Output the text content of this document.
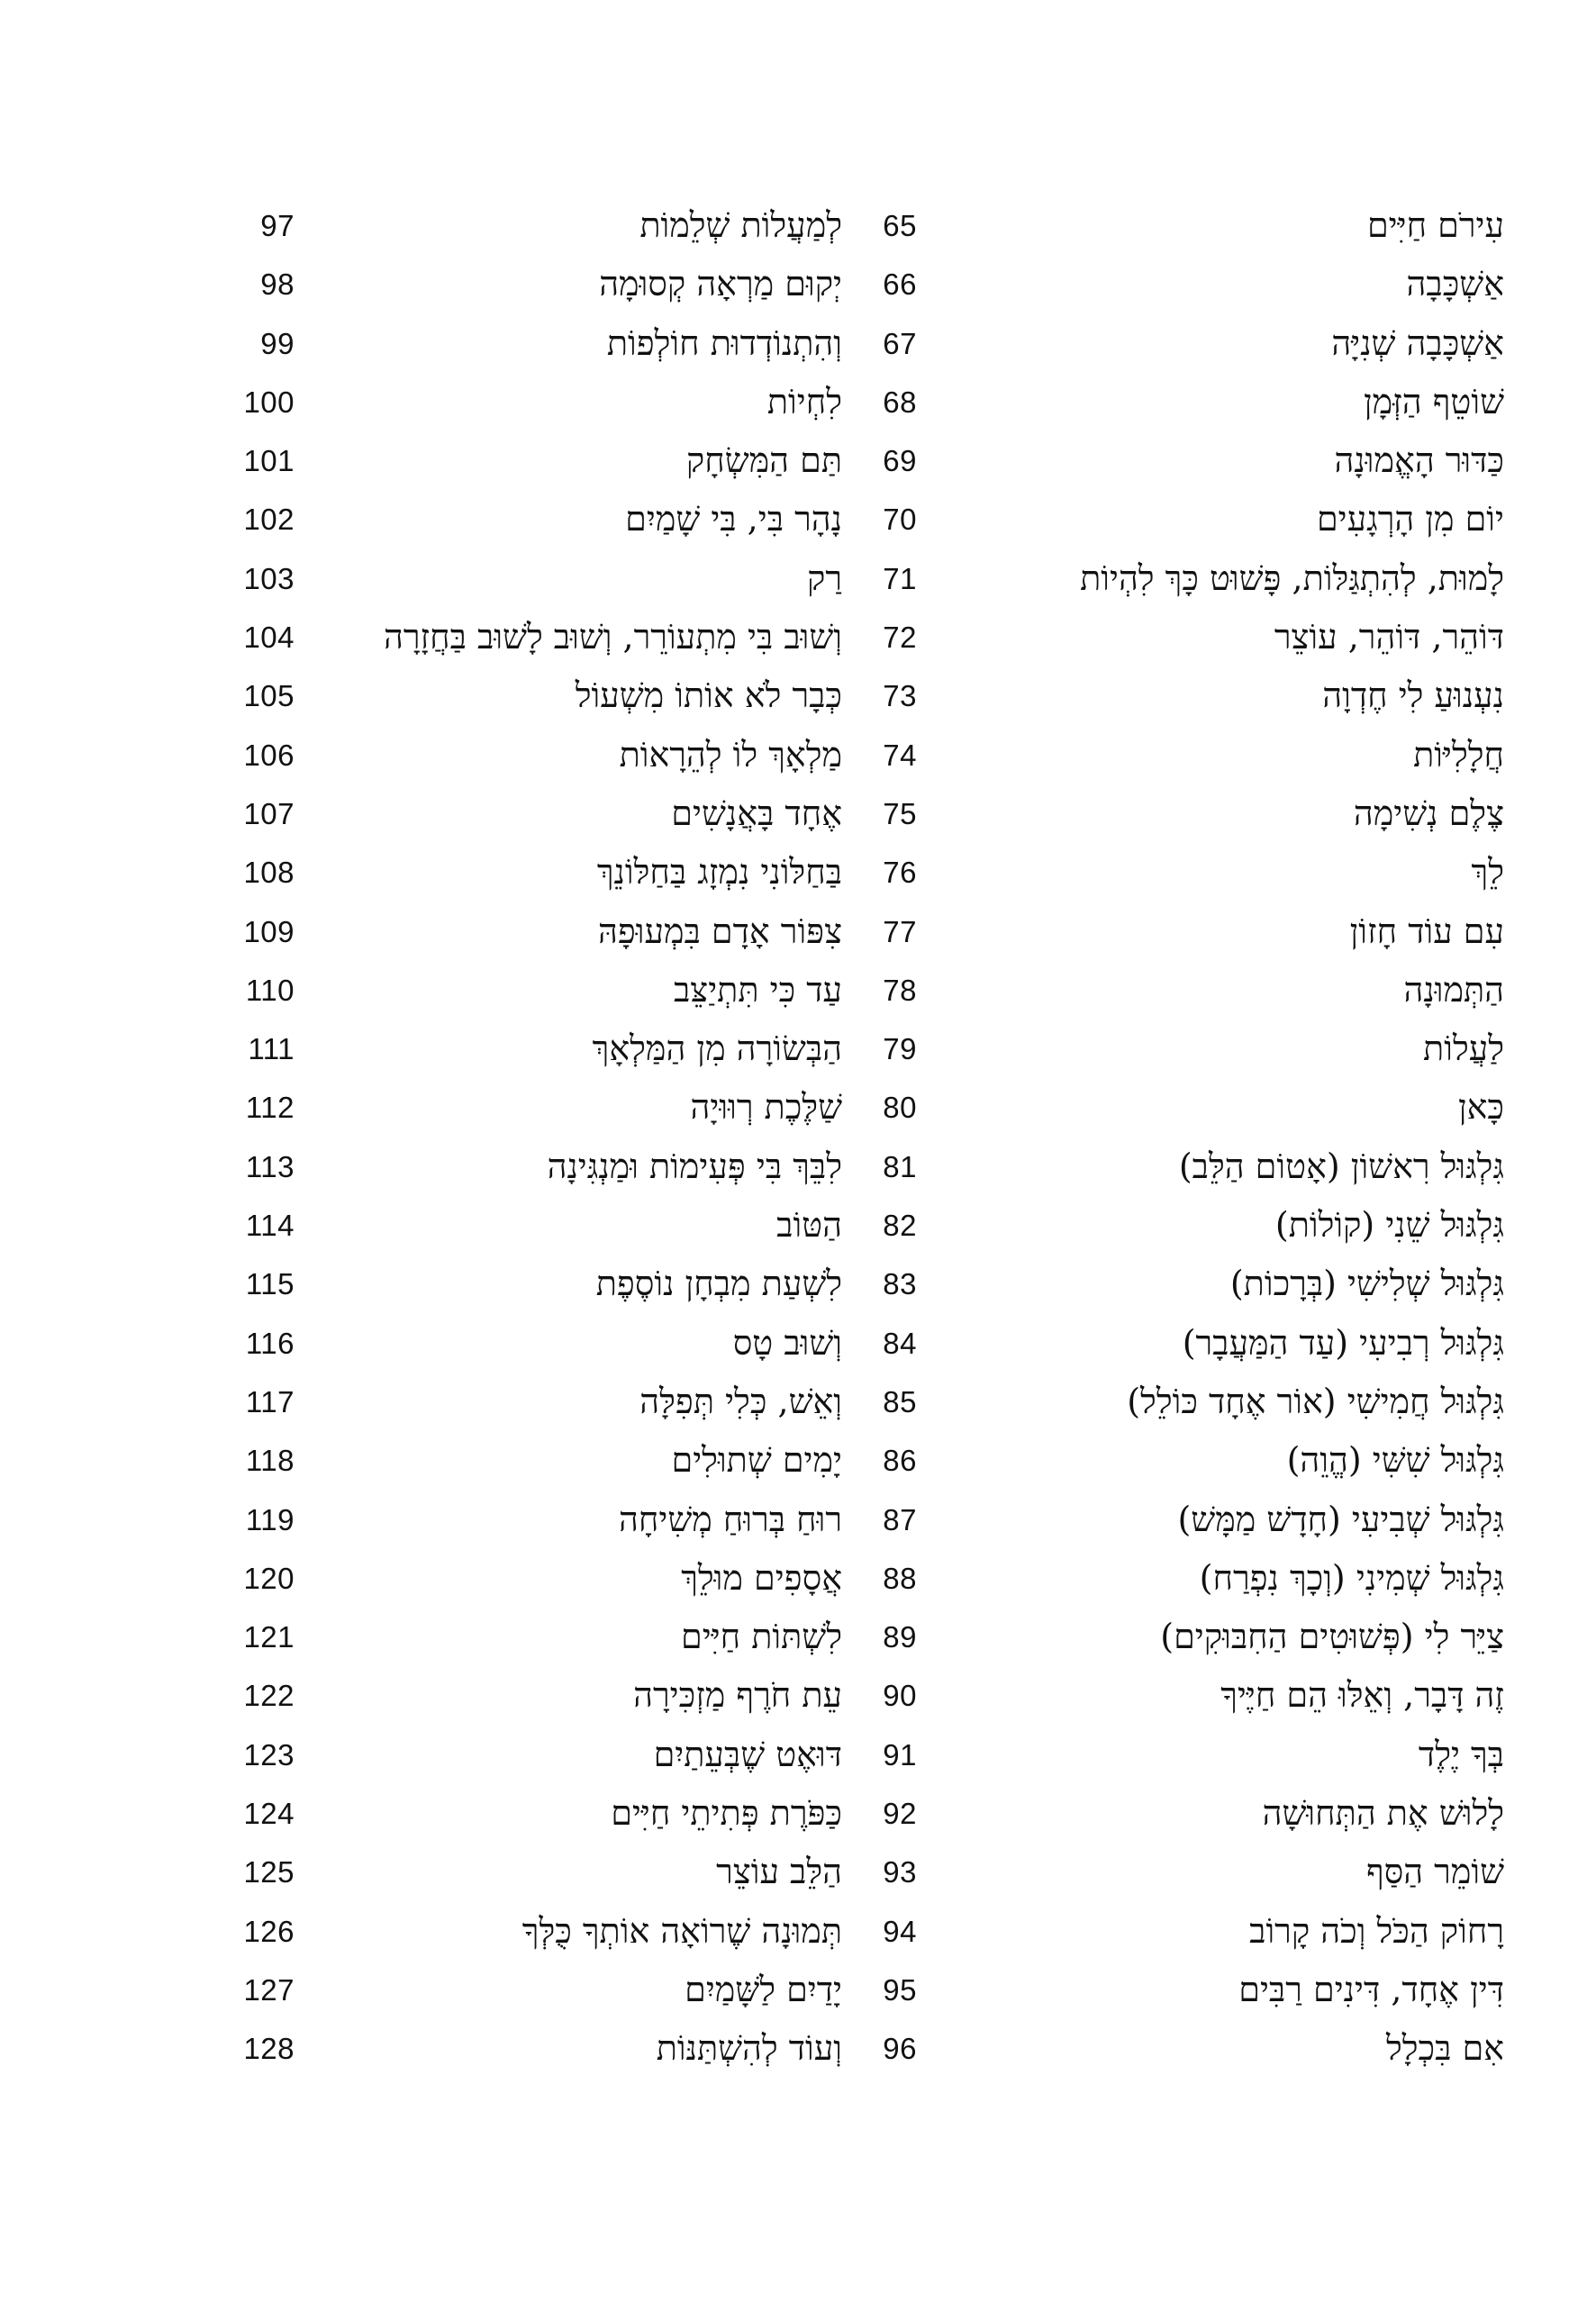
לְמַעֲלוֹת שְׁלֵמוֹת
97
יְקוּם מַרְאָה קְסוּמָה
98
וְהִתְנוֹדְדוּת חוֹלְפוֹת
99
לִחְיוֹת
100
תַּם הַמִּשְׂחָק
101
נָהָר בִּי, בִּי שָׁמַיִם
102
רַק
103
וְשׁוּב בִּי מִתְעוֹרֵר, וְשׁוּב לָשׁוּב בַּחֲזָרָה
104
כְּבָר לֹא אוֹתוֹ מִשְׁעוֹל
105
מַלְאָךְ לוֹ לְהֵרָאוֹת
106
אֶחָד בָּאֲנָשִׁים
107
בַּחַלּוֹנִי נִמְזָג בַּחַלּוֹנֵךְ
108
צִפּוֹר אָדָם בִּמְעוּפָהּ
109
עַד כִּי תִּתְיַצֵּב
110
הַבְּשׂוֹרָה מִן הַמַּלְאָךְ
111
שַׁלֶּכֶת רְוּוּיָה
112
לִבֵּךְ בִּי פְּעִימוֹת וּמַנְגִּינָה
113
הַטּוֹב
114
לִשְׁעַת מִבְחָן נוֹסֶפֶת
115
וְשׁוּב טָס
116
וְאֵשׁ, כְּלִי תְּפִלָּה
117
יָמִים שְׁתוּלִים
118
רוּחַ בְּרוּחַ מְשִׁיחָה
119
אֲסָפִים מוּלֵךְ
120
לִשְׁתּוֹת חַיִּים
121
עֵת חֹרֶף מַזְכִּירָה
122
דּוּאֶט שֶׁבְּעֵתַיִם
123
כַּפֹּרֶת פְּתִיתֵי חַיִּים
124
הַלֵּב עוֹצֵר
125
תְּמוּנָה שֶׁרוֹאָה אוֹתְךָ כֻּלְּךָ
126
יָדַיִם לַשָּׁמַיִם
127
וְעוֹד לְהִשְׁתַּנּוֹת
128
עִירֹם חַיִּים
65
אַשְׁכָּבָה
66
אַשְׁכָּבָה שְׁנִיָּה
67
שׁוֹטֵף הַזְּמָן
68
כַּדּוּר הָאֱמוּנָה
69
יוֹם מִן הָרְגָעִים
70
לָמוּת, לְהִתְגַּלּוֹת, פָּשׁוּט כָּךְ לִהְיוֹת
71
דּוֹהֵר, דּוֹהֵר, עוֹצֵר
72
נִעְנוּעַ לִי חֶדְוָה
73
חֲלָלִיּוֹת
74
צֶלֶם נְשִׁימָה
75
לֵךְ
76
עִם עוֹד חָזוֹן
77
הַתְּמוּנָה
78
לַעֲלוֹת
79
כָּאן
80
גִּלְגּוּל רִאשׁוֹן (אָטוֹם הַלֵּב)
81
גִּלְגּוּל שֵׁנִי (קוֹלוֹת)
82
גִּלְגּוּל שְׁלִישִׁי (בְּרָכוֹת)
83
גִּלְגּוּל רְבִיעִי (עַד הַמַּעֲבָר)
84
גִּלְגּוּל חֲמִישִׁי (אוֹר אֶחָד כּוֹלֵל)
85
גִּלְגּוּל שִׁשִּׁי (הֱוֵה)
86
גִּלְגּוּל שְׁבִיעִי (חָדָשׁ מַמָּשׁ)
87
גִּלְגּוּל שְׁמִינִי (וְכָךְ נִפְרַח)
88
צַיֵּר לִי (פְּשׁוּטִים הַחִבּוּקִים)
89
זֶה דָּבָר, וְאֵלּוּ הֵם חַיֶּיךָ
90
בְּךָ יֶלֶד
91
לָלוּשׁ אֶת הַתְּחוּשָׁה
92
שׁוֹמֵר הַסַּף
93
רָחוֹק הַכֹּל וְכֹה קָרוֹב
94
דִּין אֶחָד, דִּינִים רַבִּים
95
אִם בִּכְלָל
96
